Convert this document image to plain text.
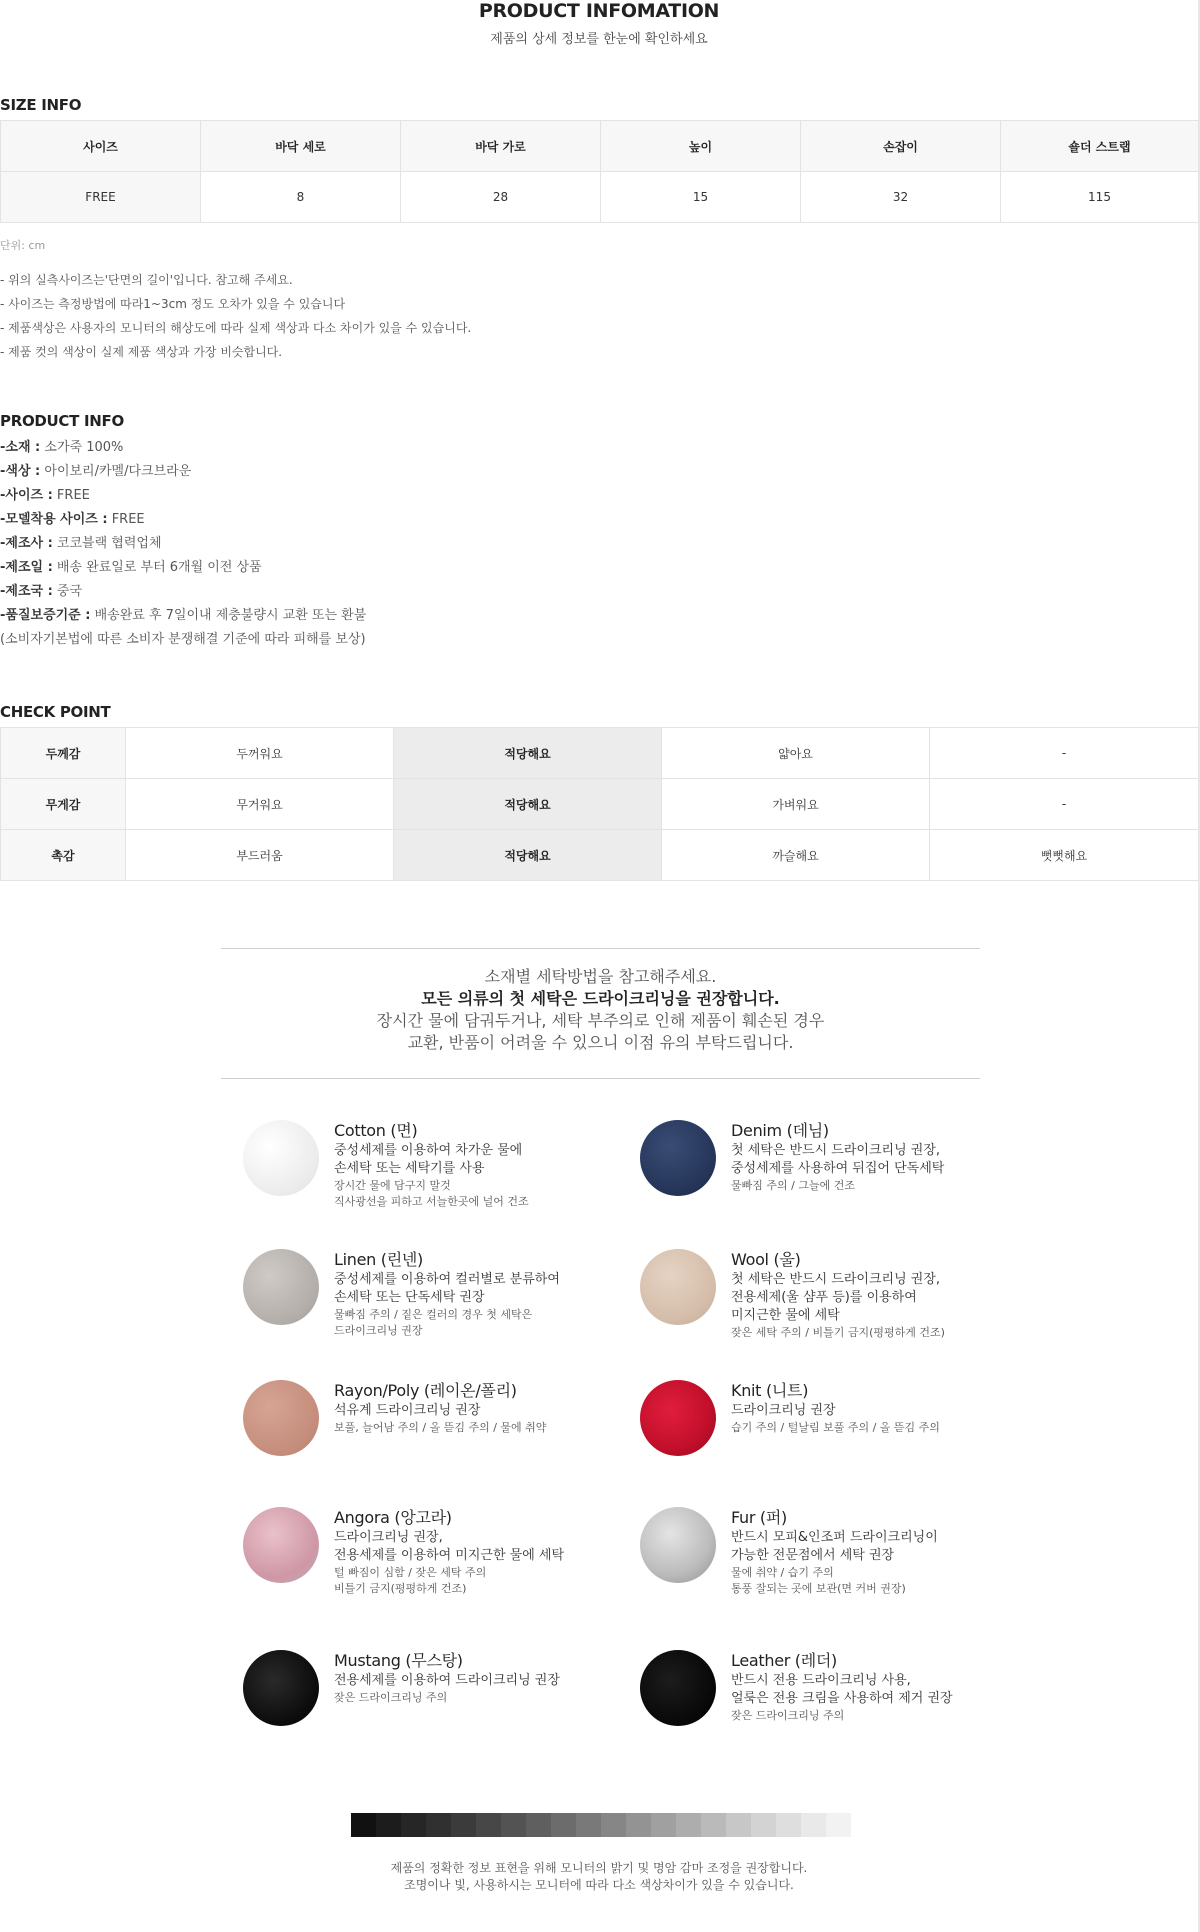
PRODUCT INFOMATION
제품의 상세 정보를 한눈에 확인하세요
SIZE INFO
사이즈	바닥 세로	바닥 가로	높이	손잡이	숄더 스트랩
FREE	8	28	15	32	115
단위: cm
- 위의 실측사이즈는'단면의 길이'입니다. 참고해 주세요.
- 사이즈는 측정방법에 따라1~3cm 정도 오차가 있을 수 있습니다
- 제품색상은 사용자의 모니터의 해상도에 따라 실제 색상과 다소 차이가 있을 수 있습니다.
- 제품 컷의 색상이 실제 제품 색상과 가장 비슷합니다.
PRODUCT INFO
-소재 : 소가죽 100%
-색상 : 아이보리/카멜/다크브라운
-사이즈 : FREE
-모델착용 사이즈 : FREE
-제조사 : 코코블랙 협력업체
-제조일 : 배송 완료일로 부터 6개월 이전 상품
-제조국 : 중국
-품질보증기준 : 배송완료 후 7일이내 제충불량시 교환 또는 환불
(소비자기본법에 따른 소비자 분쟁해결 기준에 따라 피해를 보상)
CHECK POINT
두께감	두꺼워요	적당해요	얇아요	-
무게감	무거워요	적당해요	가벼워요	-
촉감	부드러움	적당해요	까슬해요	뻣뻣해요
소재별 세탁방법을 참고해주세요.
모든 의류의 첫 세탁은 드라이크리닝을 권장합니다.
장시간 물에 담궈두거나, 세탁 부주의로 인해 제품이 훼손된 경우
교환, 반품이 어려울 수 있으니 이점 유의 부탁드립니다.
Cotton (면)
중성세제를 이용하여 차가운 물에
손세탁 또는 세탁기를 사용
장시간 물에 담구지 말것
직사광선을 피하고 서늘한곳에 널어 건조
Linen (린넨)
중성세제를 이용하여 컬러별로 분류하여
손세탁 또는 단독세탁 권장
물빠짐 주의 / 짙은 컬러의 경우 첫 세탁은
드라이크리닝 권장
Rayon/Poly (레이온/폴리)
석유계 드라이크리닝 권장
보풀, 늘어남 주의 / 올 뜯김 주의 / 물에 취약
Angora (앙고라)
드라이크리닝 권장,
전용세제를 이용하여 미지근한 물에 세탁
털 빠짐이 심함 / 잦은 세탁 주의
비틀기 금지(평평하게 건조)
Mustang (무스탕)
전용세제를 이용하여 드라이크리닝 권장
잦은 드라이크리닝 주의
Denim (데님)
첫 세탁은 반드시 드라이크리닝 권장,
중성세제를 사용하여 뒤집어 단독세탁
물빠짐 주의 / 그늘에 건조
Wool (울)
첫 세탁은 반드시 드라이크리닝 권장,
전용세제(울 샴푸 등)를 이용하여
미지근한 물에 세탁
잦은 세탁 주의 / 비틀기 금지(평평하게 건조)
Knit (니트)
드라이크리닝 권장
습기 주의 / 털날림 보풀 주의 / 올 뜯김 주의
Fur (퍼)
반드시 모피&인조퍼 드라이크리닝이
가능한 전문점에서 세탁 권장
물에 취약 / 습기 주의
통풍 잘되는 곳에 보관(면 커버 권장)
Leather (레더)
반드시 전용 드라이크리닝 사용,
얼룩은 전용 크림을 사용하여 제거 권장
잦은 드라이크리닝 주의
제품의 정확한 정보 표현을 위해 모니터의 밝기 및 명암 감마 조정을 권장합니다.
조명이나 빛, 사용하시는 모니터에 따라 다소 색상차이가 있을 수 있습니다.
